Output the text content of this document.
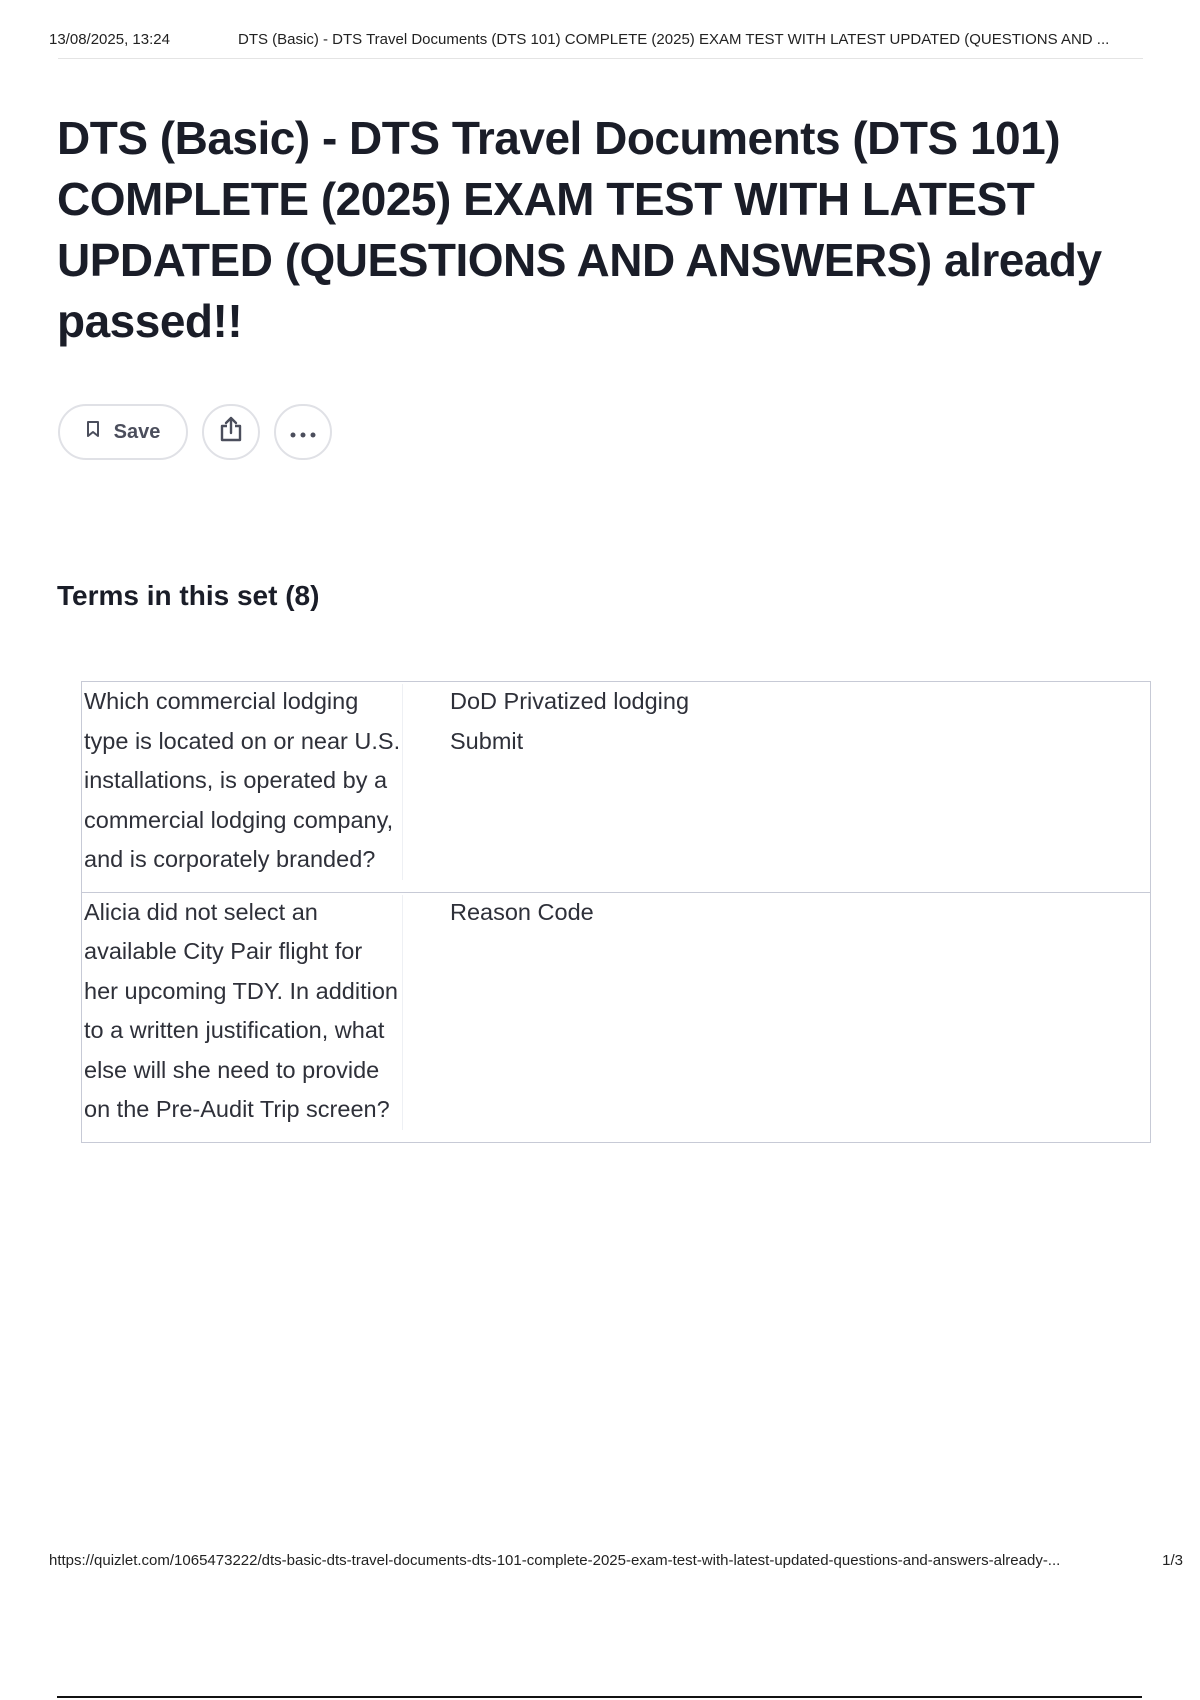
13/08/2025, 13:24	DTS (Basic) - DTS Travel Documents (DTS 101) COMPLETE (2025) EXAM TEST WITH LATEST UPDATED (QUESTIONS AND ...
DTS (Basic) - DTS Travel Documents (DTS 101) COMPLETE (2025) EXAM TEST WITH LATEST UPDATED (QUESTIONS AND ANSWERS) already passed!!
Save
Terms in this set (8)
Which commercial lodging type is located on or near U.S. installations, is operated by a commercial lodging company, and is corporately branded?	DoD Privatized lodging
Submit

Alicia did not select an available City Pair flight for her upcoming TDY. In addition to a written justification, what else will she need to provide on the Pre-Audit Trip screen?	Reason Code
https://quizlet.com/1065473222/dts-basic-dts-travel-documents-dts-101-complete-2025-exam-test-with-latest-updated-questions-and-answers-already-...	1/3
